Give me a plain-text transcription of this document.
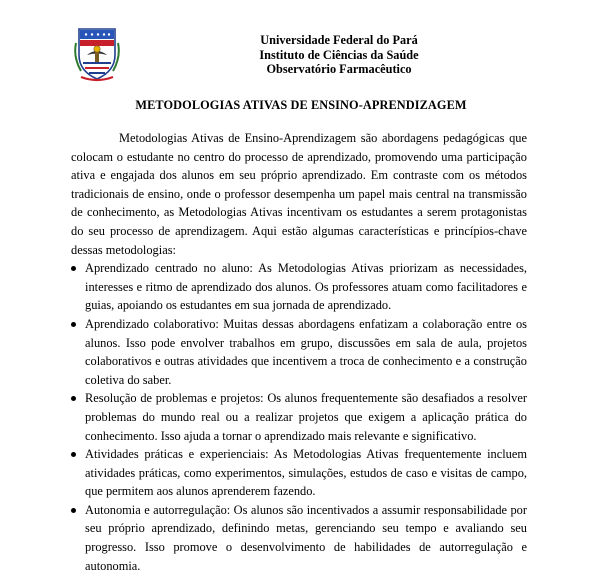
Universidade Federal do Pará
Instituto de Ciências da Saúde
Observatório Farmacêutico
METODOLOGIAS ATIVAS DE ENSINO-APRENDIZAGEM

Metodologias Ativas de Ensino-Aprendizagem são abordagens pedagógicas que colocam o estudante no centro do processo de aprendizado, promovendo uma participação ativa e engajada dos alunos em seu próprio aprendizado. Em contraste com os métodos tradicionais de ensino, onde o professor desempenha um papel mais central na transmissão de conhecimento, as Metodologias Ativas incentivam os estudantes a serem protagonistas do seu processo de aprendizagem. Aqui estão algumas características e princípios-chave dessas metodologias:

Aprendizado centrado no aluno: As Metodologias Ativas priorizam as necessidades, interesses e ritmo de aprendizado dos alunos. Os professores atuam como facilitadores e guias, apoiando os estudantes em sua jornada de aprendizado.
Aprendizado colaborativo: Muitas dessas abordagens enfatizam a colaboração entre os alunos. Isso pode envolver trabalhos em grupo, discussões em sala de aula, projetos colaborativos e outras atividades que incentivem a troca de conhecimento e a construção coletiva do saber.
Resolução de problemas e projetos: Os alunos frequentemente são desafiados a resolver problemas do mundo real ou a realizar projetos que exigem a aplicação prática do conhecimento. Isso ajuda a tornar o aprendizado mais relevante e significativo.
Atividades práticas e experienciais: As Metodologias Ativas frequentemente incluem atividades práticas, como experimentos, simulações, estudos de caso e visitas de campo, que permitem aos alunos aprenderem fazendo.
Autonomia e autorregulação: Os alunos são incentivados a assumir responsabilidade por seu próprio aprendizado, definindo metas, gerenciando seu tempo e avaliando seu progresso. Isso promove o desenvolvimento de habilidades de autorregulação e autonomia.
